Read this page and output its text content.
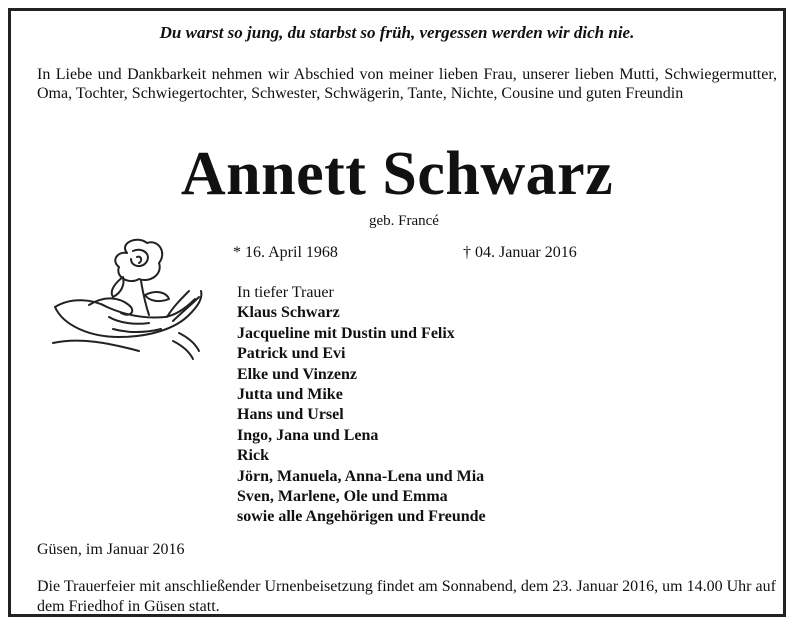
Du warst so jung, du starbst so früh, vergessen werden wir dich nie.
In Liebe und Dankbarkeit nehmen wir Abschied von meiner lieben Frau, unserer lieben Mutti, Schwiegermutter, Oma, Tochter, Schwiegertochter, Schwester, Schwägerin, Tante, Nichte, Cousine und guten Freundin
Annett Schwarz
geb. Francé
* 16. April 1968	† 04. Januar 2016
In tiefer Trauer
Klaus Schwarz
Jacqueline mit Dustin und Felix
Patrick und Evi
Elke und Vinzenz
Jutta und Mike
Hans und Ursel
Ingo, Jana und Lena
Rick
Jörn, Manuela, Anna-Lena und Mia
Sven, Marlene, Ole und Emma
sowie alle Angehörigen und Freunde
Güsen, im Januar 2016
Die Trauerfeier mit anschließender Urnenbeisetzung findet am Sonnabend, dem 23. Januar 2016, um 14.00 Uhr auf dem Friedhof in Güsen statt.
